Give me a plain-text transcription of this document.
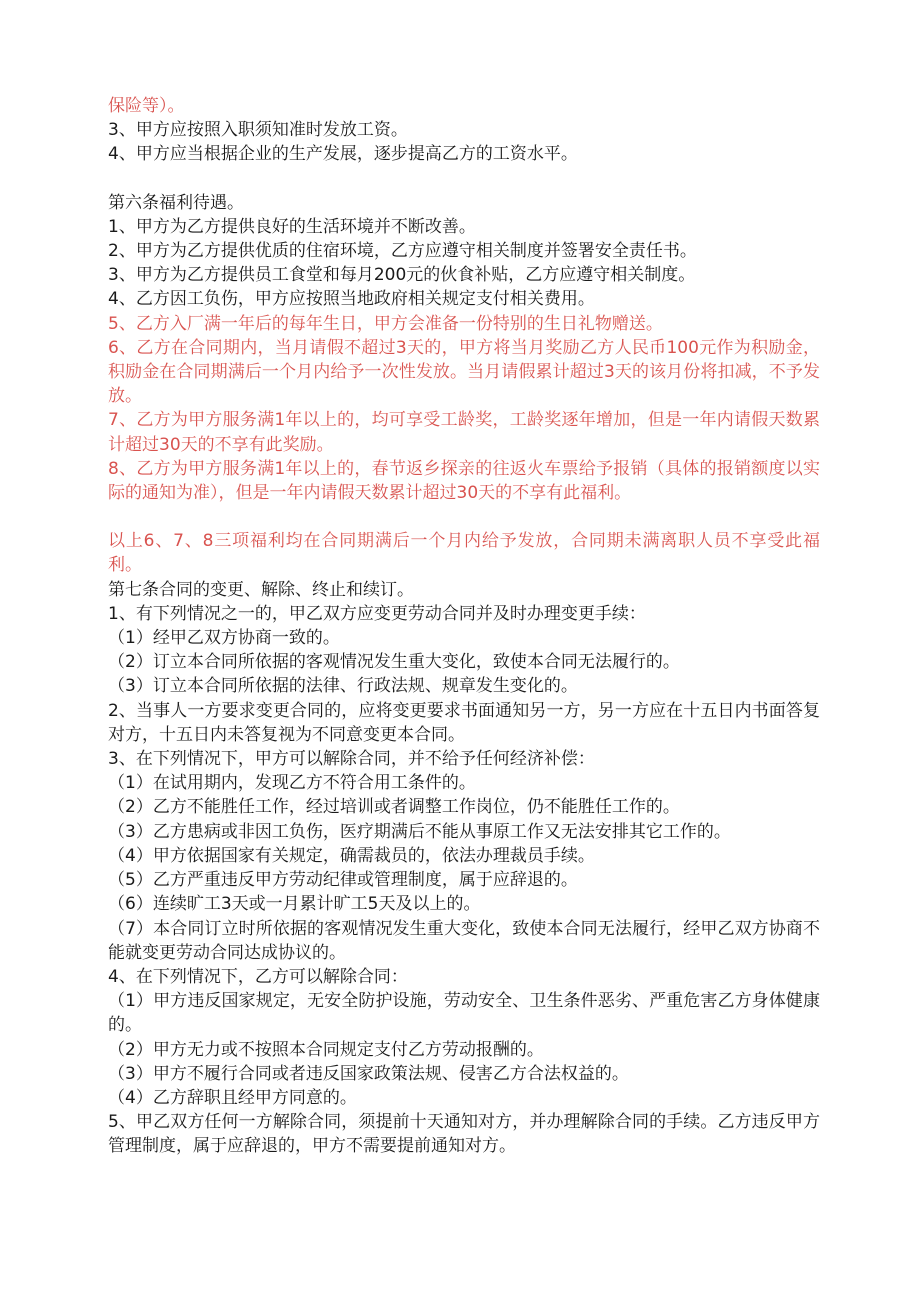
保险等）。

3、甲方应按照入职须知准时发放工资。

4、甲方应当根据企业的生产发展，逐步提高乙方的工资水平。

第六条福利待遇。

1、甲方为乙方提供良好的生活环境并不断改善。

2、甲方为乙方提供优质的住宿环境，乙方应遵守相关制度并签署安全责任书。

3、甲方为乙方提供员工食堂和每月200元的伙食补贴，乙方应遵守相关制度。

4、乙方因工负伤，甲方应按照当地政府相关规定支付相关费用。

5、乙方入厂满一年后的每年生日，甲方会准备一份特别的生日礼物赠送。

6、乙方在合同期内，当月请假不超过3天的，甲方将当月奖励乙方人民币100元作为积励金，积励金在合同期满后一个月内给予一次性发放。当月请假累计超过3天的该月份将扣减，不予发放。

7、乙方为甲方服务满1年以上的，均可享受工龄奖，工龄奖逐年增加，但是一年内请假天数累计超过30天的不享有此奖励。

8、乙方为甲方服务满1年以上的，春节返乡探亲的往返火车票给予报销（具体的报销额度以实际的通知为准），但是一年内请假天数累计超过30天的不享有此福利。

以上6、7、8三项福利均在合同期满后一个月内给予发放，合同期未满离职人员不享受此福利。

第七条合同的变更、解除、终止和续订。

1、有下列情况之一的，甲乙双方应变更劳动合同并及时办理变更手续：

（1）经甲乙双方协商一致的。

（2）订立本合同所依据的客观情况发生重大变化，致使本合同无法履行的。

（3）订立本合同所依据的法律、行政法规、规章发生变化的。

2、当事人一方要求变更合同的，应将变更要求书面通知另一方，另一方应在十五日内书面答复对方，十五日内未答复视为不同意变更本合同。

3、在下列情况下，甲方可以解除合同，并不给予任何经济补偿：

（1）在试用期内，发现乙方不符合用工条件的。

（2）乙方不能胜任工作，经过培训或者调整工作岗位，仍不能胜任工作的。

（3）乙方患病或非因工负伤，医疗期满后不能从事原工作又无法安排其它工作的。

（4）甲方依据国家有关规定，确需裁员的，依法办理裁员手续。

（5）乙方严重违反甲方劳动纪律或管理制度，属于应辞退的。

（6）连续旷工3天或一月累计旷工5天及以上的。

（7）本合同订立时所依据的客观情况发生重大变化，致使本合同无法履行，经甲乙双方协商不能就变更劳动合同达成协议的。

4、在下列情况下，乙方可以解除合同：

（1）甲方违反国家规定，无安全防护设施，劳动安全、卫生条件恶劣、严重危害乙方身体健康的。

（2）甲方无力或不按照本合同规定支付乙方劳动报酬的。

（3）甲方不履行合同或者违反国家政策法规、侵害乙方合法权益的。

（4）乙方辞职且经甲方同意的。

5、甲乙双方任何一方解除合同，须提前十天通知对方，并办理解除合同的手续。乙方违反甲方管理制度，属于应辞退的，甲方不需要提前通知对方。
